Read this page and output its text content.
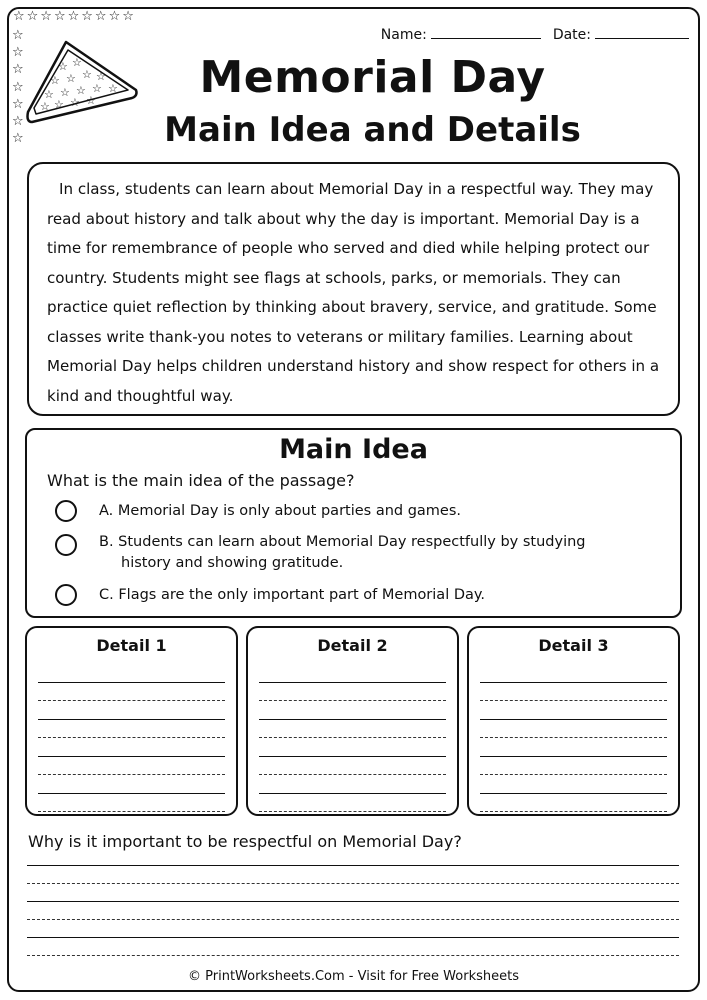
☆☆☆☆☆☆☆☆☆
☆
☆
☆
☆
☆
☆
☆
☆ ☆
☆ ☆ ☆ ☆
☆ ☆ ☆ ☆ ☆
☆ ☆ ☆ ☆
Name:	Date:
Memorial Day
Main Idea and Details

In class, students can learn about Memorial Day in a respectful way. They may read about history and talk about why the day is important. Memorial Day is a time for remembrance of people who served and died while helping protect our country. Students might see flags at schools, parks, or memorials. They can practice quiet reflection by thinking about bravery, service, and gratitude. Some classes write thank-you notes to veterans or military families. Learning about Memorial Day helps children understand history and show respect for others in a kind and thoughtful way.

Main Idea
What is the main idea of the passage?
A. Memorial Day is only about parties and games.
B. Students can learn about Memorial Day respectfully by studying
history and showing gratitude.
C. Flags are the only important part of Memorial Day.
Detail 1	Detail 2	Detail 3
Why is it important to be respectful on Memorial Day?
© PrintWorksheets.Com - Visit for Free Worksheets
